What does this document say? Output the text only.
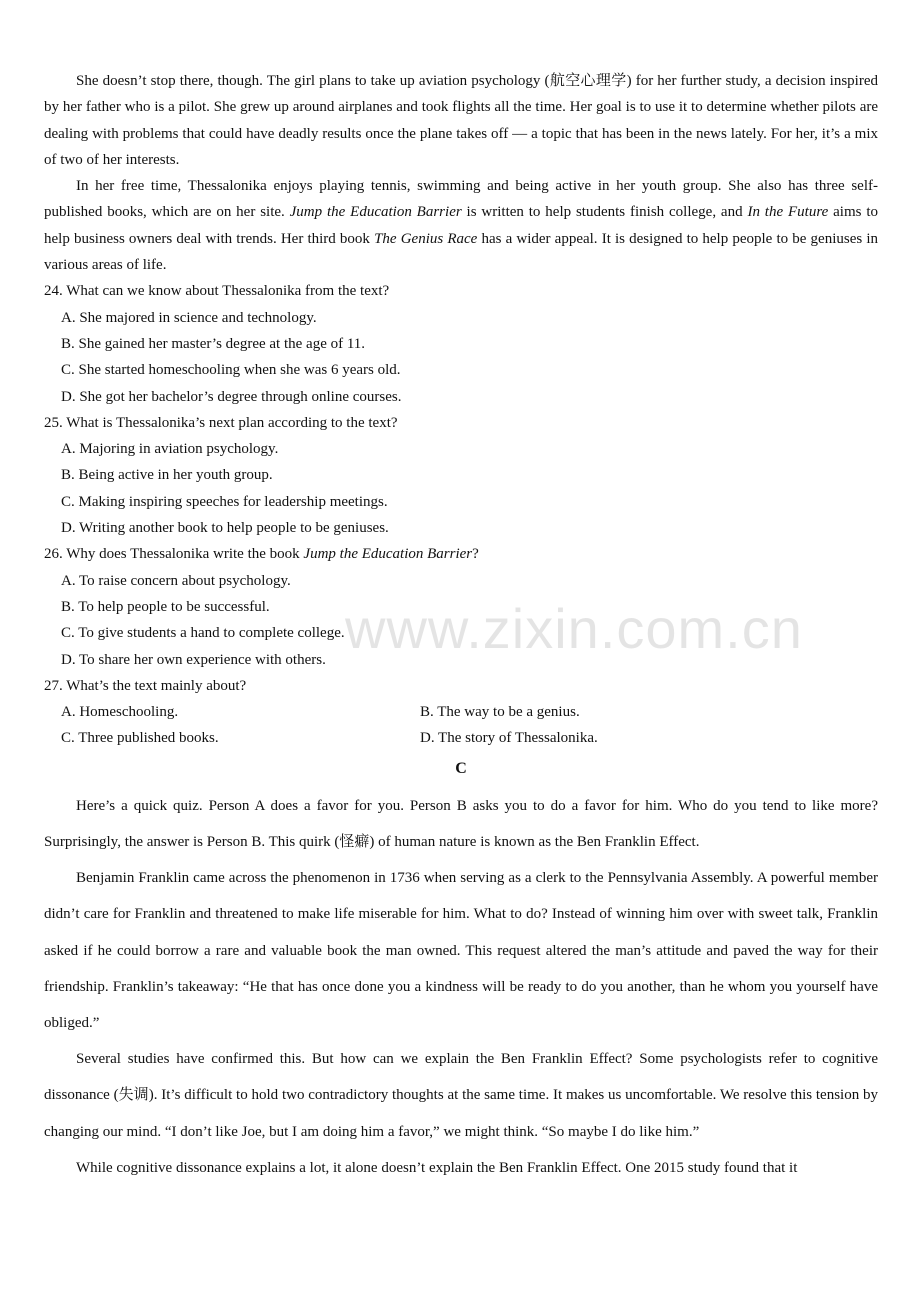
She doesn’t stop there, though. The girl plans to take up aviation psychology (航空心理学) for her further study, a decision inspired by her father who is a pilot. She grew up around airplanes and took flights all the time. Her goal is to use it to determine whether pilots are dealing with problems that could have deadly results once the plane takes off — a topic that has been in the news lately. For her, it’s a mix of two of her interests.

In her free time, Thessalonika enjoys playing tennis, swimming and being active in her youth group. She also has three self-published books, which are on her site. Jump the Education Barrier is written to help students finish college, and In the Future aims to help business owners deal with trends. Her third book The Genius Race has a wider appeal. It is designed to help people to be geniuses in various areas of life.

24. What can we know about Thessalonika from the text?

A. She majored in science and technology.

B. She gained her master’s degree at the age of 11.

C. She started homeschooling when she was 6 years old.

D. She got her bachelor’s degree through online courses.

25. What is Thessalonika’s next plan according to the text?

A. Majoring in aviation psychology.

B. Being active in her youth group.

C. Making inspiring speeches for leadership meetings.

D. Writing another book to help people to be geniuses.

26. Why does Thessalonika write the book Jump the Education Barrier?

A. To raise concern about psychology.

B. To help people to be successful.

C. To give students a hand to complete college.

D. To share her own experience with others.

27. What’s the text mainly about?

A. Homeschooling.	B. The way to be a genius.
C. Three published books.	D. The story of Thessalonika.
C

Here’s a quick quiz. Person A does a favor for you. Person B asks you to do a favor for him. Who do you tend to like more? Surprisingly, the answer is Person B. This quirk (怪癖) of human nature is known as the Ben Franklin Effect.

Benjamin Franklin came across the phenomenon in 1736 when serving as a clerk to the Pennsylvania Assembly. A powerful member didn’t care for Franklin and threatened to make life miserable for him. What to do? Instead of winning him over with sweet talk, Franklin asked if he could borrow a rare and valuable book the man owned. This request altered the man’s attitude and paved the way for their friendship. Franklin’s takeaway: “He that has once done you a kindness will be ready to do you another, than he whom you yourself have obliged.”

Several studies have confirmed this. But how can we explain the Ben Franklin Effect? Some psychologists refer to cognitive dissonance (失调). It’s difficult to hold two contradictory thoughts at the same time. It makes us uncomfortable. We resolve this tension by changing our mind. “I don’t like Joe, but I am doing him a favor,” we might think. “So maybe I do like him.”

While cognitive dissonance explains a lot, it alone doesn’t explain the Ben Franklin Effect. One 2015 study found that it

www.zixin.com.cn
